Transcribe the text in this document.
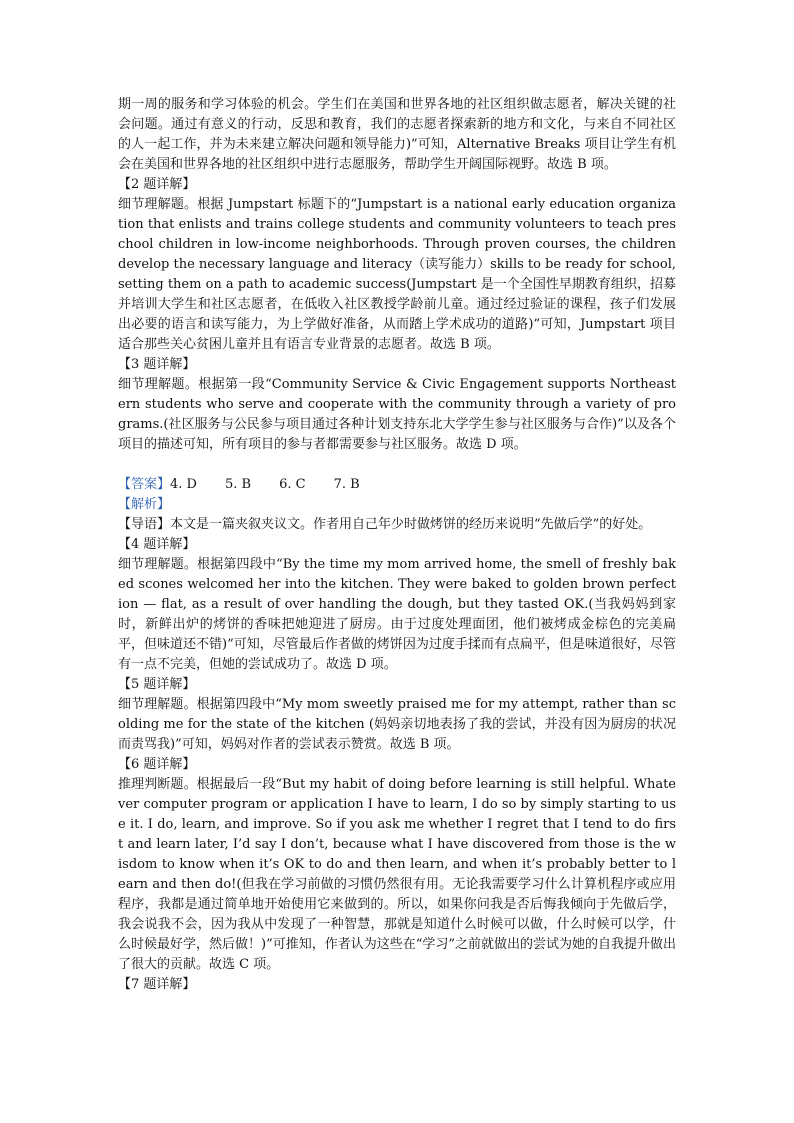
期一周的服务和学习体验的机会。学生们在美国和世界各地的社区组织做志愿者，解决关键的社会问题。通过有意义的行动，反思和教育，我们的志愿者探索新的地方和文化，与来自不同社区的人一起工作，并为未来建立解决问题和领导能力)”可知，Alternative Breaks 项目让学生有机会在美国和世界各地的社区组织中进行志愿服务，帮助学生开阔国际视野。故选 B 项。

【2 题详解】

细节理解题。根据 Jumpstart 标题下的“Jumpstart is a national early education organization that enlists and trains college students and community volunteers to teach preschool children in low-income neighborhoods. Through proven courses, the children develop the necessary language and literacy（读写能力）skills to be ready for school, setting them on a path to academic success(Jumpstart 是一个全国性早期教育组织，招募并培训大学生和社区志愿者，在低收入社区教授学龄前儿童。通过经过验证的课程，孩子们发展出必要的语言和读写能力，为上学做好准备，从而踏上学术成功的道路)”可知，Jumpstart 项目适合那些关心贫困儿童并且有语言专业背景的志愿者。故选 B 项。

【3 题详解】

细节理解题。根据第一段“Community Service & Civic Engagement supports Northeastern students who serve and cooperate with the community through a variety of programs.(社区服务与公民参与项目通过各种计划支持东北大学学生参与社区服务与合作)”以及各个项目的描述可知，所有项目的参与者都需要参与社区服务。故选 D 项。

【答案】4. D 5. B 6. C 7. B

【解析】

【导语】本文是一篇夹叙夹议文。作者用自己年少时做烤饼的经历来说明“先做后学”的好处。

【4 题详解】

细节理解题。根据第四段中“By the time my mom arrived home, the smell of freshly baked scones welcomed her into the kitchen. They were baked to golden brown perfection — flat, as a result of over handling the dough, but they tasted OK.(当我妈妈到家时，新鲜出炉的烤饼的香味把她迎进了厨房。由于过度处理面团，他们被烤成金棕色的完美扁平，但味道还不错)”可知，尽管最后作者做的烤饼因为过度手揉而有点扁平，但是味道很好，尽管有一点不完美，但她的尝试成功了。故选 D 项。

【5 题详解】

细节理解题。根据第四段中“My mom sweetly praised me for my attempt, rather than scolding me for the state of the kitchen (妈妈亲切地表扬了我的尝试，并没有因为厨房的状况而责骂我)”可知，妈妈对作者的尝试表示赞赏。故选 B 项。

【6 题详解】

推理判断题。根据最后一段“But my habit of doing before learning is still helpful. Whatever computer program or application I have to learn, I do so by simply starting to use it. I do, learn, and improve. So if you ask me whether I regret that I tend to do first and learn later, I’d say I don’t, because what I have discovered from those is the wisdom to know when it’s OK to do and then learn, and when it’s probably better to learn and then do!(但我在学习前做的习惯仍然很有用。无论我需要学习什么计算机程序或应用程序，我都是通过简单地开始使用它来做到的。所以，如果你问我是否后悔我倾向于先做后学，我会说我不会，因为我从中发现了一种智慧，那就是知道什么时候可以做，什么时候可以学，什么时候最好学，然后做！)”可推知，作者认为这些在“学习”之前就做出的尝试为她的自我提升做出了很大的贡献。故选 C 项。

【7 题详解】
